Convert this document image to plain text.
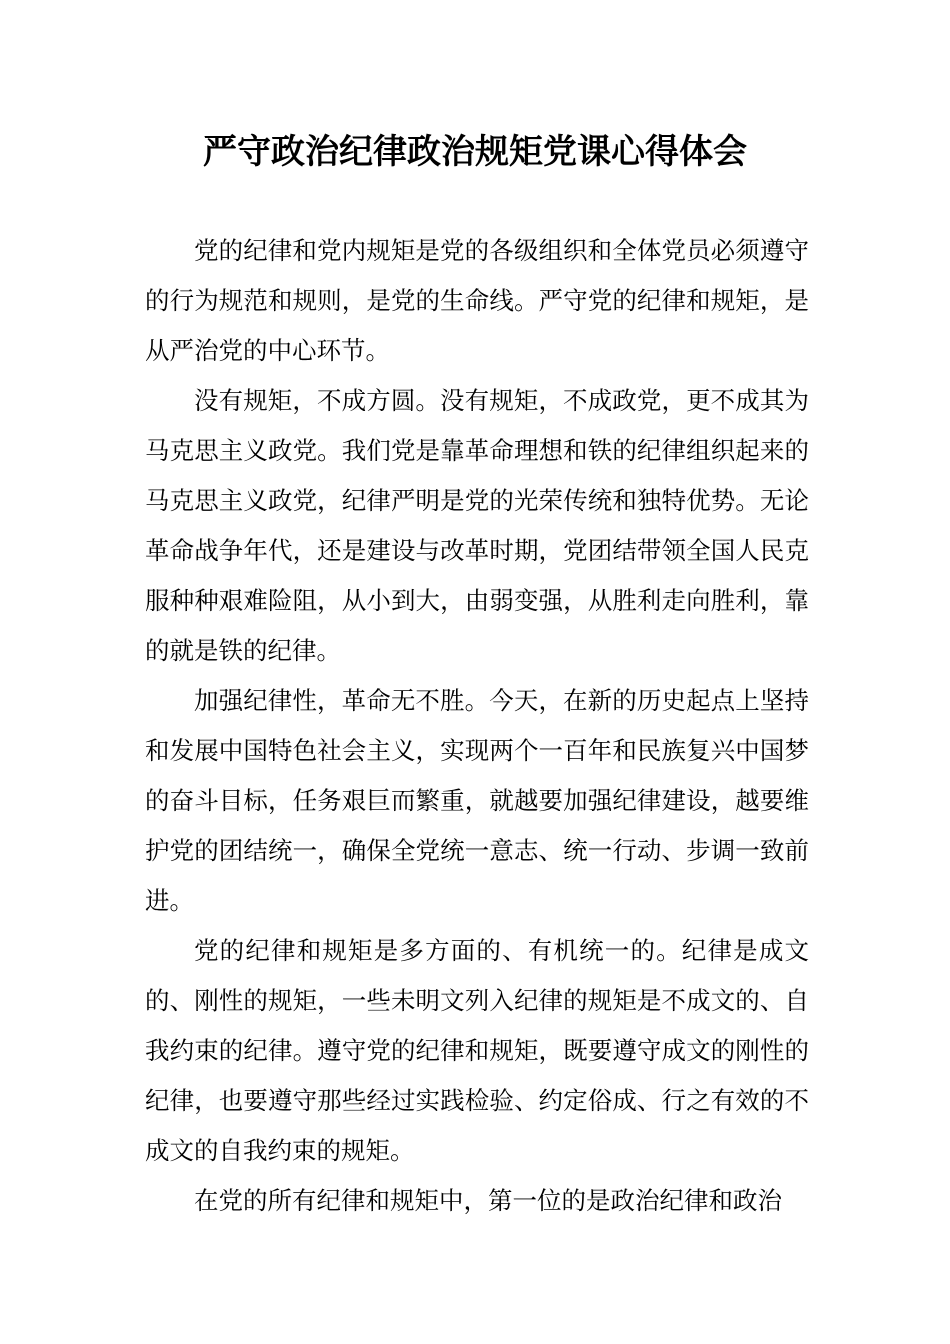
严守政治纪律政治规矩党课心得体会

党的纪律和党内规矩是党的各级组织和全体党员必须遵守的行为规范和规则，是党的生命线。严守党的纪律和规矩，是从严治党的中心环节。

没有规矩，不成方圆。没有规矩，不成政党，更不成其为马克思主义政党。我们党是靠革命理想和铁的纪律组织起来的马克思主义政党，纪律严明是党的光荣传统和独特优势。无论革命战争年代，还是建设与改革时期，党团结带领全国人民克服种种艰难险阻，从小到大，由弱变强，从胜利走向胜利，靠的就是铁的纪律。

加强纪律性，革命无不胜。今天，在新的历史起点上坚持和发展中国特色社会主义，实现两个一百年和民族复兴中国梦的奋斗目标，任务艰巨而繁重，就越要加强纪律建设，越要维护党的团结统一，确保全党统一意志、统一行动、步调一致前进。

党的纪律和规矩是多方面的、有机统一的。纪律是成文的、刚性的规矩，一些未明文列入纪律的规矩是不成文的、自我约束的纪律。遵守党的纪律和规矩，既要遵守成文的刚性的纪律，也要遵守那些经过实践检验、约定俗成、行之有效的不成文的自我约束的规矩。

在党的所有纪律和规矩中，第一位的是政治纪律和政治
